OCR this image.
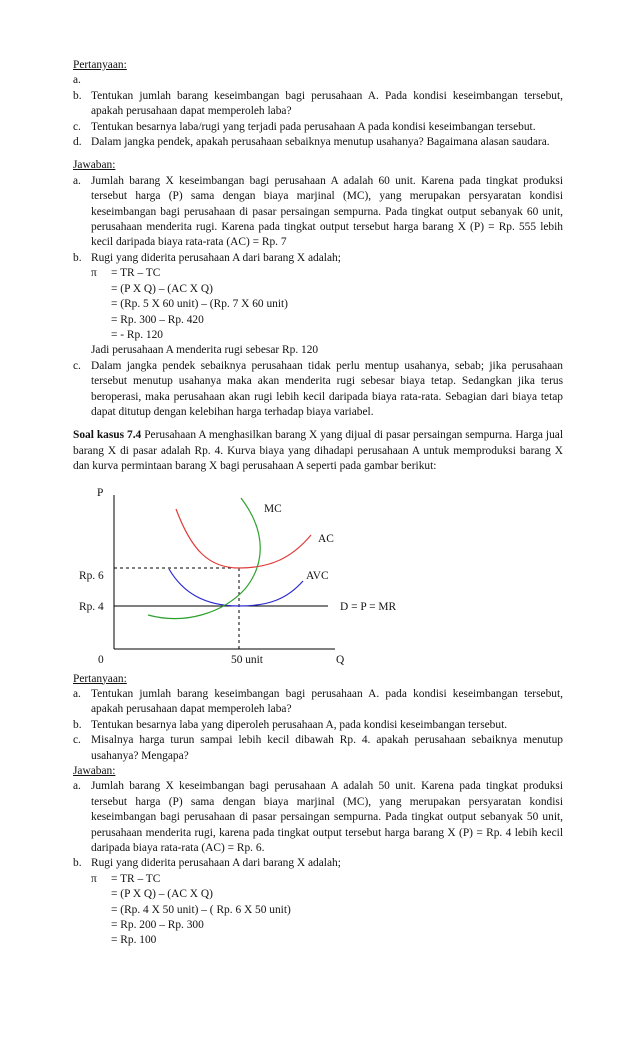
Pertanyaan:

a.

b. Tentukan jumlah barang keseimbangan bagi perusahaan A. Pada kondisi keseimbangan tersebut, apakah perusahaan dapat memperoleh laba?
c. Tentukan besarnya laba/rugi yang terjadi pada perusahaan A pada kondisi keseimbangan tersebut.
d. Dalam jangka pendek, apakah perusahaan sebaiknya menutup usahanya? Bagaimana alasan saudara.

Jawaban:

a. Jumlah barang X keseimbangan bagi perusahaan A adalah 60 unit. Karena pada tingkat produksi tersebut harga (P) sama dengan biaya marjinal (MC), yang merupakan persyaratan kondisi keseimbangan bagi perusahaan di pasar persaingan sempurna. Pada tingkat output sebanyak 60 unit, perusahaan menderita rugi. Karena pada tingkat output tersebut harga barang X (P) = Rp. 555 lebih kecil daripada biaya rata-rata (AC) = Rp. 7
b. Rugi yang diderita perusahaan A dari barang X adalah;
π = TR – TC
= (P X Q) – (AC X Q)
= (Rp. 5 X 60 unit) – (Rp. 7 X 60 unit)
= Rp. 300 – Rp. 420
= - Rp. 120
Jadi perusahaan A menderita rugi sebesar Rp. 120
c. Dalam jangka pendek sebaiknya perusahaan tidak perlu mentup usahanya, sebab; jika perusahaan tersebut menutup usahanya maka akan menderita rugi sebesar biaya tetap. Sedangkan jika terus beroperasi, maka perusahaan akan rugi lebih kecil daripada biaya rata-rata. Sebagian dari biaya tetap dapat ditutup dengan kelebihan harga terhadap biaya variabel.

Soal kasus 7.4 Perusahaan A menghasilkan barang X yang dijual di pasar persaingan sempurna. Harga jual barang X di pasar adalah Rp. 4. Kurva biaya yang dihadapi perusahaan A untuk memproduksi barang X dan kurva permintaan barang X bagi perusahaan A seperti pada gambar berikut:

P
MC
AC
Rp. 6	AVC
Rp. 4	D = P = MR
0	50 unit	Q

Pertanyaan:

a. Tentukan jumlah barang keseimbangan bagi perusahaan A. pada kondisi keseimbangan tersebut, apakah perusahaan dapat memperoleh laba?
b. Tentukan besarnya laba yang diperoleh perusahaan A, pada kondisi keseimbangan tersebut.
c. Misalnya harga turun sampai lebih kecil dibawah Rp. 4. apakah perusahaan sebaiknya menutup usahanya? Mengapa?

Jawaban:

a. Jumlah barang X keseimbangan bagi perusahaan A adalah 50 unit. Karena pada tingkat produksi tersebut harga (P) sama dengan biaya marjinal (MC), yang merupakan persyaratan kondisi keseimbangan bagi perusahaan di pasar persaingan sempurna. Pada tingkat output sebanyak 50 unit, perusahaan menderita rugi, karena pada tingkat output tersebut harga barang X (P) = Rp. 4 lebih kecil daripada biaya rata-rata (AC) = Rp. 6.
b. Rugi yang diderita perusahaan A dari barang X adalah;
π = TR – TC
= (P X Q) – (AC X Q)
= (Rp. 4 X 50 unit) – ( Rp. 6 X 50 unit)
= Rp. 200 – Rp. 300
= Rp. 100
